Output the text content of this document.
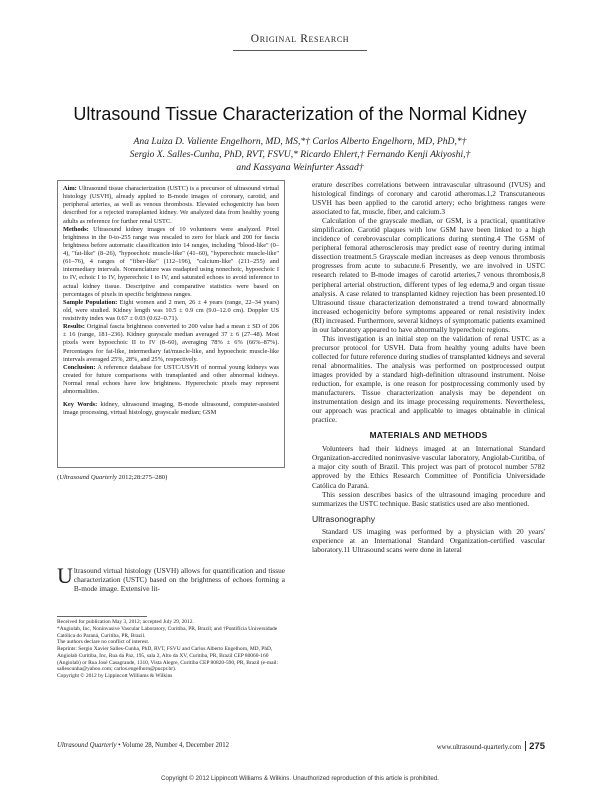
Original Research
Ultrasound Tissue Characterization of the Normal Kidney
Ana Luiza D. Valiente Engelhorn, MD, MS,*† Carlos Alberto Engelhorn, MD, PhD,*†
Sergio X. Salles-Cunha, PhD, RVT, FSVU,* Ricardo Ehlert,† Fernando Kenji Akiyoshi,†
and Kassyana Weinfurter Assad†

Aim: Ultrasound tissue characterization (USTC) is a precursor of ultrasound virtual histology (USVH), already applied to B-mode images of coronary, carotid, and peripheral arteries, as well as venous thrombosis. Elevated echogenicity has been described for a rejected transplanted kidney. We analyzed data from healthy young adults as reference for further renal USTC.

Methods: Ultrasound kidney images of 10 volunteers were analyzed. Pixel brightness in the 0-to-255 range was rescaled to zero for black and 200 for fascia brightness before automatic classification into 14 ranges, including "blood-like" (0–4), "fat-like" (8–26), "hypoechoic muscle-like" (41–60), "hyperechoic muscle-like" (61–76), 4 ranges of "fiber-like" (112–196), "calcium-like" (211–255) and intermediary intervals. Nomenclature was readapted using nonechoic, hypoechoic I to IV, echoic I to IV, hyperechoic I to IV, and saturated echoes to avoid inference to actual kidney tissue. Descriptive and comparative statistics were based on percentages of pixels in specific brightness ranges.

Sample Population: Eight women and 2 men, 26 ± 4 years (range, 22–34 years) old, were studied. Kidney length was 10.5 ± 0.9 cm (9.0–12.0 cm). Doppler US resistivity index was 0.67 ± 0.03 (0.62–0.71).

Results: Original fascia brightness converted to 200 value had a mean ± SD of 206 ± 16 (range, 181–236). Kidney grayscale median averaged 37 ± 6 (27–48). Most pixels were hypoechoic II to IV (8–60), averaging 78% ± 6% (66%–87%). Percentages for fat-like, intermediary fat/muscle-like, and hypoechoic muscle-like intervals averaged 25%, 28%, and 25%, respectively.

Conclusion: A reference database for USTC/USVH of normal young kidneys was created for future comparisons with transplanted and other abnormal kidneys. Normal renal echoes have low brightness. Hyperechoic pixels may represent abnormalities.

Key Words: kidney, ultrasound imaging, B-mode ultrasound, computer-assisted image processing, virtual histology, grayscale median; GSM

(Ultrasound Quarterly 2012;28:275–280)
Ultrasound virtual histology (USVH) allows for quantification and tissue characterization (USTC) based on the brightness of echoes forming a B-mode image. Extensive lit-

Received for publication May 3, 2012; accepted July 29, 2012.

*Angiolab, Inc, Noninvasive Vascular Laboratory, Curitiba, PR, Brazil; and †Pontifícia Universidade Católica do Paraná, Curitiba, PR, Brazil.

The authors declare no conflict of interest.

Reprints: Sergio Xavier Salles-Cunha, PhD, RVT, FSVU and Carlos Alberto Engelhorn, MD, PhD, Angiolab Curitiba, Inc, Rua da Paz, 195, sala 2, Alto da XV, Curitiba, PR, Brazil CEP 80060-160 (Angiolab) or Rua José Casagrande, 1310, Vista Alegre, Curitiba CEP 80820-590, PR, Brazil (e-mail: sallescunha@yahoo.com; carlos.engelhorn@pucpr.br).

Copyright © 2012 by Lippincott Williams & Wilkins

erature describes correlations between intravascular ultrasound (IVUS) and histological findings of coronary and carotid atheromas.1,2 Transcutaneous USVH has been applied to the carotid artery; echo brightness ranges were associated to fat, muscle, fiber, and calcium.3

Calculation of the grayscale median, or GSM, is a practical, quantitative simplification. Carotid plaques with low GSM have been linked to a high incidence of cerebrovascular complications during stenting.4 The GSM of peripheral femoral atherosclerosis may predict ease of reentry during intimal dissection treatment.5 Grayscale median increases as deep venous thrombosis progresses from acute to subacute.6 Presently, we are involved in USTC research related to B-mode images of carotid arteries,7 venous thrombosis,8 peripheral arterial obstruction, different types of leg edema,9 and organ tissue analysis. A case related to transplanted kidney rejection has been presented.10 Ultrasound tissue characterization demonstrated a trend toward abnormally increased echogenicity before symptoms appeared or renal resistivity index (RI) increased. Furthermore, several kidneys of symptomatic patients examined in our laboratory appeared to have abnormally hyperechoic regions.

This investigation is an initial step on the validation of renal USTC as a precursor protocol for USVH. Data from healthy young adults have been collected for future reference during studies of transplanted kidneys and several renal abnormalities. The analysis was performed on postprocessed output images provided by a standard high-definition ultrasound instrument. Noise reduction, for example, is one reason for postprocessing commonly used by manufacturers. Tissue characterization analysis may be dependent on instrumentation design and its image processing requirements. Nevertheless, our approach was practical and applicable to images obtainable in clinical practice.

MATERIALS AND METHODS

Volunteers had their kidneys imaged at an International Standard Organization-accredited noninvasive vascular laboratory, Angiolab-Curitiba, of a major city south of Brazil. This project was part of protocol number 5782 approved by the Ethics Research Committee of Pontifícia Universidade Católica do Paraná.

This session describes basics of the ultrasound imaging procedure and summarizes the USTC technique. Basic statistics used are also mentioned.

Ultrasonography

Standard US imaging was performed by a physician with 20 years' experience at an International Standard Organization-certified vascular laboratory.11 Ultrasound scans were done in lateral

Ultrasound Quarterly • Volume 28, Number 4, December 2012	www.ultrasound-quarterly.com 275
Copyright © 2012 Lippincott Williams & Wilkins. Unauthorized reproduction of this article is prohibited.
